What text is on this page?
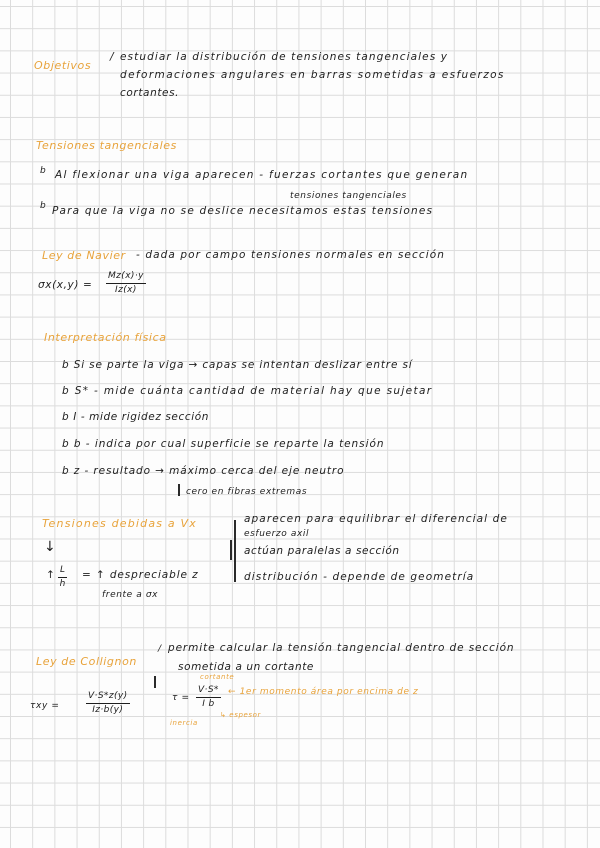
Objetivos
/ estudiar la distribución de tensiones tangenciales y
deformaciones angulares en barras sometidas a esfuerzos
cortantes.
Tensiones tangenciales
b Al flexionar una viga aparecen - fuerzas cortantes que generan
tensiones tangenciales
b Para que la viga no se deslice necesitamos estas tensiones
Ley de Navier - dada por campo tensiones normales en sección
$\sigma x(x,y) = \frac{Mz(x)\cdot y}{Iz(x)}$
Interpretación física
b Si se parte la viga → capas se intentan deslizar entre sí
b S* - mide cuánta cantidad de material hay que sujetar
b I - mide rigidez sección
b b - indica por cual superficie se reparte la tensión
b z - resultado → máximo cerca del eje neutro
cero en fibras extremas
Tensiones debidas a Vx	aparecen para equilibrar el diferencial de
esfuerzo axil
actúan paralelas a sección
distribución - depende de geometría
↓
↑ $\frac{L}{h}$ = ↑ despreciable z
frente a σx
Ley de Collignon
/ permite calcular la tensión tangencial dentro de sección
sometida a un cortante
τxy =	$\frac{V\cdot S*z(y)}{Iz\cdot b(y)}$
cortante
$\tau = \frac{V\cdot S*}{\text{I b}}$ ← 1er momento área por encima de z
inercia
↳ espesor
